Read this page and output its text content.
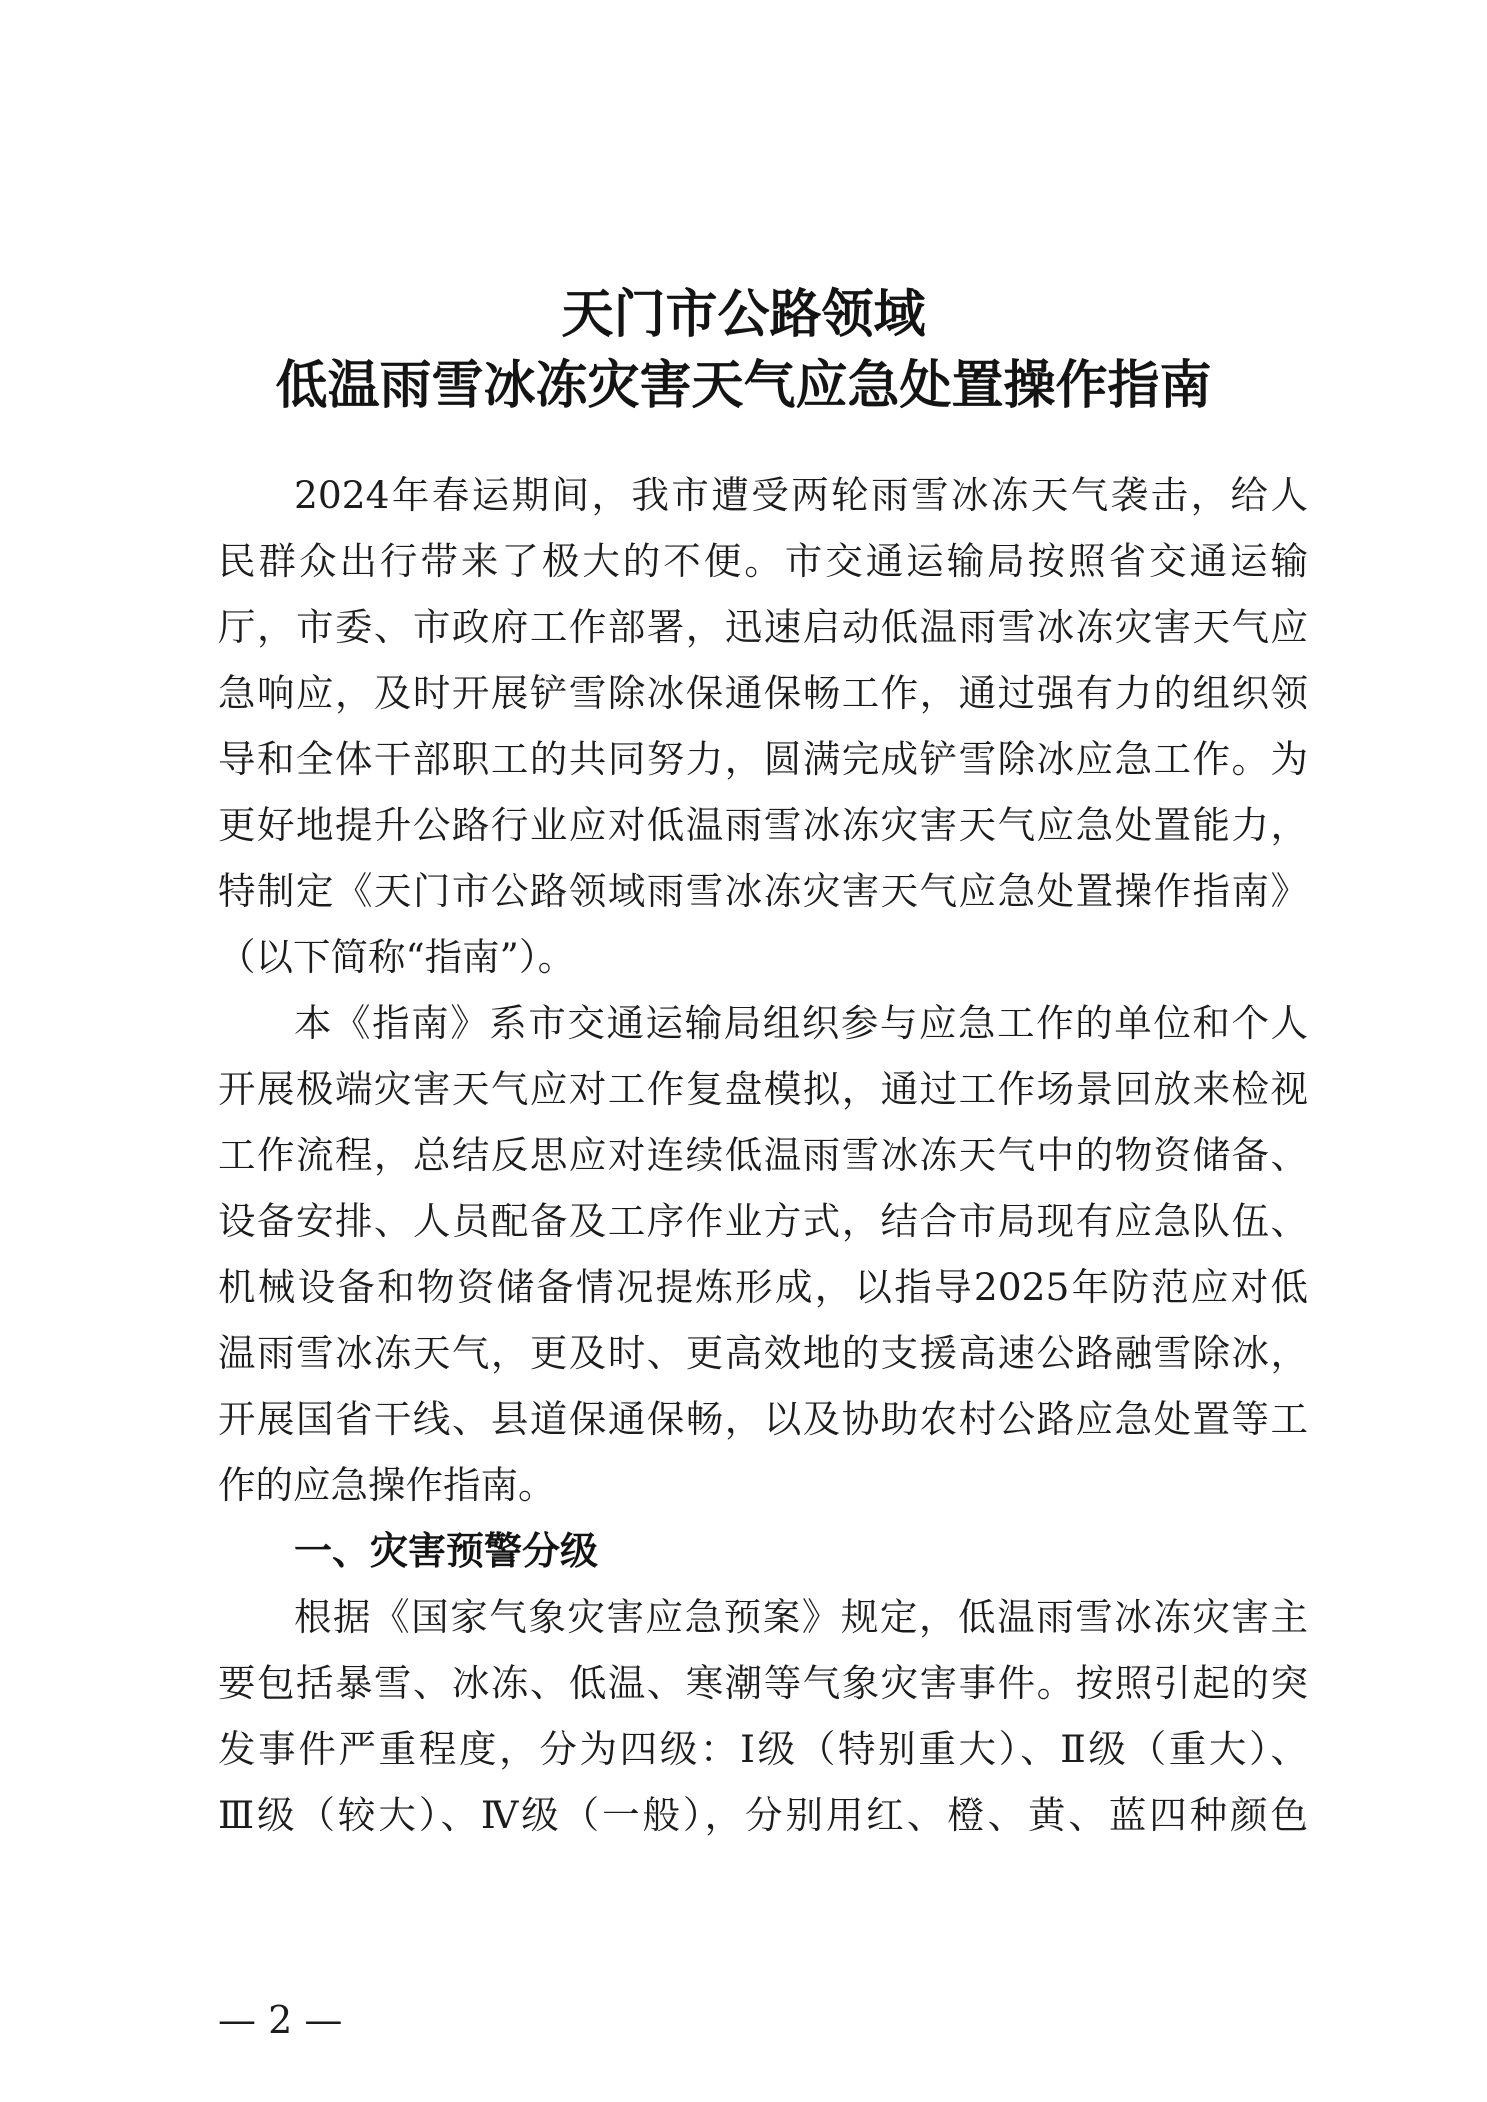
天门市公路领域
低温雨雪冰冻灾害天气应急处置操作指南
2024年春运期间，我市遭受两轮雨雪冰冻天气袭击，给人
民群众出行带来了极大的不便。市交通运输局按照省交通运输
厅，市委、市政府工作部署，迅速启动低温雨雪冰冻灾害天气应
急响应，及时开展铲雪除冰保通保畅工作，通过强有力的组织领
导和全体干部职工的共同努力，圆满完成铲雪除冰应急工作。为
更好地提升公路行业应对低温雨雪冰冻灾害天气应急处置能力，
特制定《天门市公路领域雨雪冰冻灾害天气应急处置操作指南》
（以下简称“指南”）。
本《指南》系市交通运输局组织参与应急工作的单位和个人
开展极端灾害天气应对工作复盘模拟，通过工作场景回放来检视
工作流程，总结反思应对连续低温雨雪冰冻天气中的物资储备、
设备安排、人员配备及工序作业方式，结合市局现有应急队伍、
机械设备和物资储备情况提炼形成，以指导2025年防范应对低
温雨雪冰冻天气，更及时、更高效地的支援高速公路融雪除冰，
开展国省干线、县道保通保畅，以及协助农村公路应急处置等工
作的应急操作指南。
一、灾害预警分级
根据《国家气象灾害应急预案》规定，低温雨雪冰冻灾害主
要包括暴雪、冰冻、低温、寒潮等气象灾害事件。按照引起的突
发事件严重程度，分为四级：Ⅰ级（特别重大）、Ⅱ级（重大）、
Ⅲ级（较大）、Ⅳ级（一般），分别用红、橙、黄、蓝四种颜色
— 2 —
